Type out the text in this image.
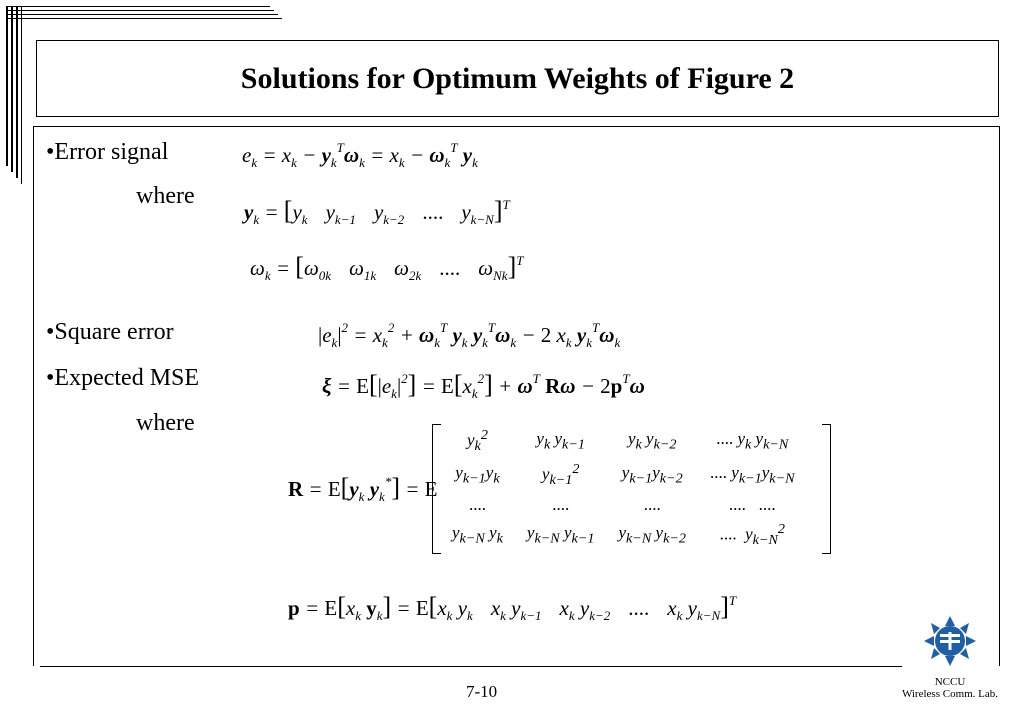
Solutions for Optimum Weights of Figure 2
•Error signal
where
•Square error
•Expected MSE
where
$e_k = x_k - y_k^T\omega_k = x_k - \omega_k^T$ $y_k$
$y_k = [y_k$ $y_{k-1}$ $y_{k-2}$ .... $y_{k-N}]^T$
$\omega_k = [\omega_{0k}$ $\omega_{1k}$ $\omega_{2k}$ .... $\omega_{Nk}]^T$
$|e_k|^2 = x_k^2 + \omega_k^T$ $y_k$ $y_k^T\omega_k - 2$ $x_k$ $y_k^T\omega_k$
$\xi = E[|e_k|^2] = E[x_k^2] + \omega^T$ $R\omega - 2p^T\omega$
$R = E[y_k$ $y_k^*] = E$
$y_k^2$	$y_k$ $y_{k-1}$	$y_k$ $y_{k-2}$	.... $y_k$ $y_{k-N}$
$y_{k-1}y_k$	$y_{k-1}^2$	$y_{k-1}y_{k-2}$	.... $y_{k-1}y_{k-N}$
....	....	....	....   ....
$y_{k-N}$ $y_k$	$y_{k-N}$ $y_{k-1}$	$y_{k-N}$ $y_{k-2}$	....  $y_{k-N}^2$
$p = E[x_k$ $y_k] = E[x_k$ $y_k$ $x_k$ $y_{k-1}$ $x_k$ $y_{k-2}$ .... $x_k$ $y_{k-N}]^T$
7-10	NCCU
Wireless Comm. Lab.
